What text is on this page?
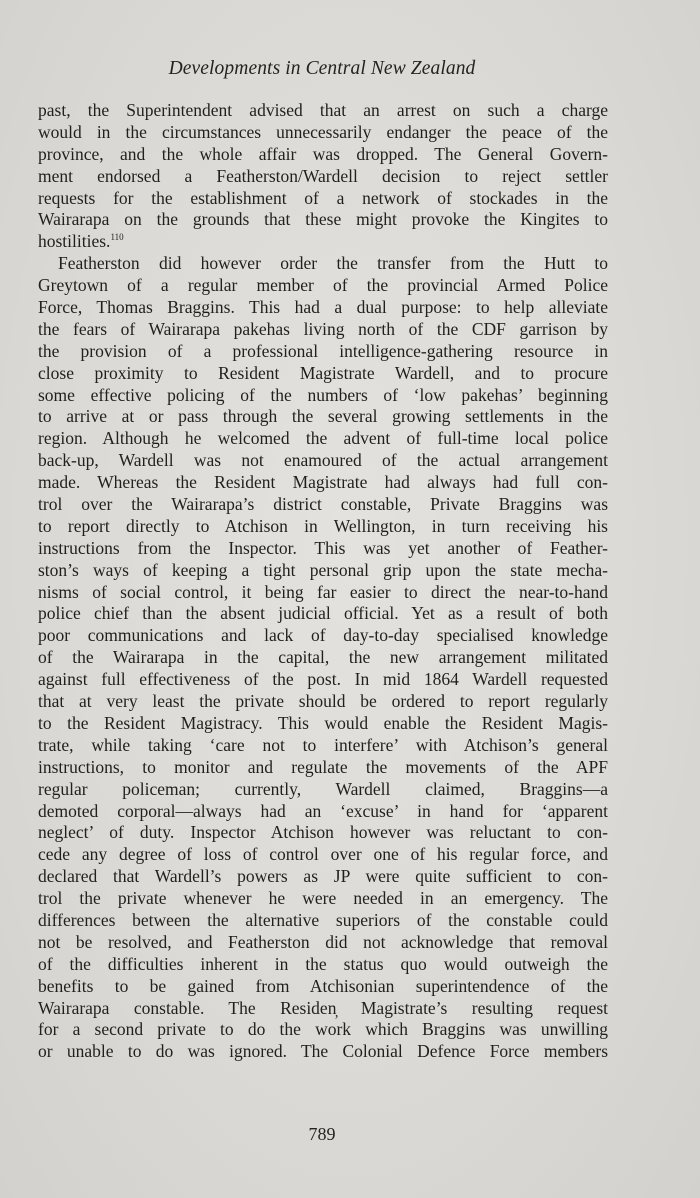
Developments in Central New Zealand
past, the Superintendent advised that an arrest on such a charge
would in the circumstances unnecessarily endanger the peace of the
province, and the whole affair was dropped. The General Govern-
ment endorsed a Featherston/Wardell decision to reject settler
requests for the establishment of a network of stockades in the
Wairarapa on the grounds that these might provoke the Kingites to
hostilities.$^{110}$
Featherston did however order the transfer from the Hutt to
Greytown of a regular member of the provincial Armed Police
Force, Thomas Braggins. This had a dual purpose: to help alleviate
the fears of Wairarapa pakehas living north of the CDF garrison by
the provision of a professional intelligence-gathering resource in
close proximity to Resident Magistrate Wardell, and to procure
some effective policing of the numbers of ‘low pakehas’ beginning
to arrive at or pass through the several growing settlements in the
region. Although he welcomed the advent of full-time local police
back-up, Wardell was not enamoured of the actual arrangement
made. Whereas the Resident Magistrate had always had full con-
trol over the Wairarapa’s district constable, Private Braggins was
to report directly to Atchison in Wellington, in turn receiving his
instructions from the Inspector. This was yet another of Feather-
ston’s ways of keeping a tight personal grip upon the state mecha-
nisms of social control, it being far easier to direct the near-to-hand
police chief than the absent judicial official. Yet as a result of both
poor communications and lack of day-to-day specialised knowledge
of the Wairarapa in the capital, the new arrangement militated
against full effectiveness of the post. In mid 1864 Wardell requested
that at very least the private should be ordered to report regularly
to the Resident Magistracy. This would enable the Resident Magis-
trate, while taking ‘care not to interfere’ with Atchison’s general
instructions, to monitor and regulate the movements of the APF
regular policeman; currently, Wardell claimed, Braggins—a
demoted corporal—always had an ‘excuse’ in hand for ‘apparent
neglect’ of duty. Inspector Atchison however was reluctant to con-
cede any degree of loss of control over one of his regular force, and
declared that Wardell’s powers as JP were quite sufficient to con-
trol the private whenever he were needed in an emergency. The
differences between the alternative superiors of the constable could
not be resolved, and Featherston did not acknowledge that removal
of the difficulties inherent in the status quo would outweigh the
benefits to be gained from Atchisonian superintendence of the
Wairarapa constable. The Residen̦ Magistrate’s resulting request
for a second private to do the work which Braggins was unwilling
or unable to do was ignored. The Colonial Defence Force members
789
